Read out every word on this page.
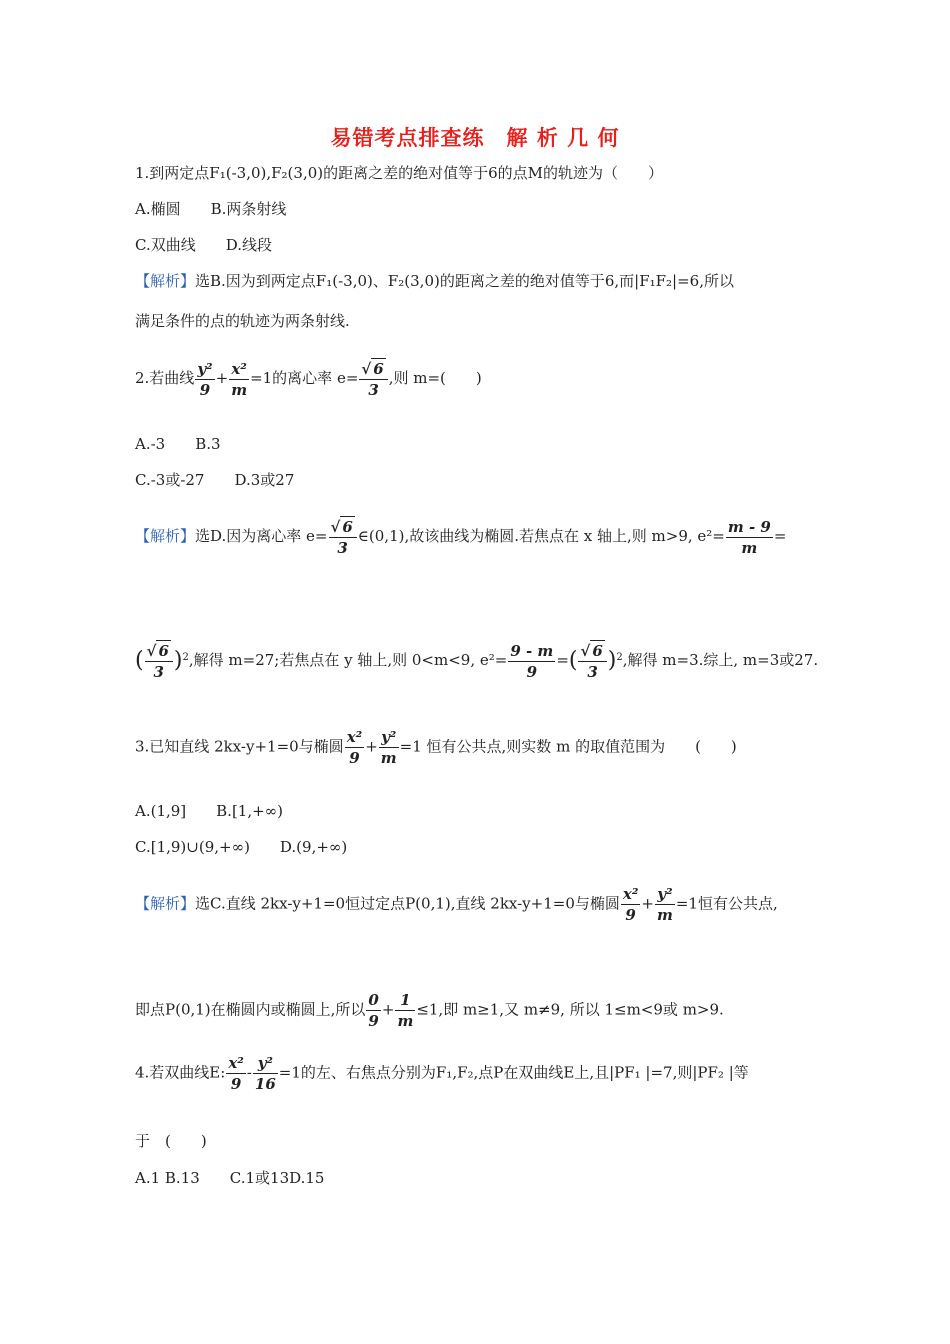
易错考点排查练　解 析 几 何
1.到两定点F₁(-3,0),F₂(3,0)的距离之差的绝对值等于6的点M的轨迹为（　　）
A.椭圆　　B.两条射线
C.双曲线　　D.线段
【解析】选B.因为到两定点F₁(-3,0)、F₂(3,0)的距离之差的绝对值等于6,而|F₁F₂|=6,所以
满足条件的点的轨迹为两条射线.
2.若曲线 $\frac{\text{y²}}{9} + \frac{\text{x²}}{m} =1$的离心率 $e= \frac{√ 6}{3}$ ,则 m=(　　)
A.-3　　B.3
C.-3或-27　　D.3或27
【解析】选D.因为离心率 $e= \frac{√ 6}{3}$ ∈(0,1),故该曲线为椭圆.若焦点在 x 轴上,则 m>9, $e^2= \frac{m - 9}{m}$ =
( $\frac{√ 6}{3} )^2$,解得 m=27;若焦点在 y 轴上,则 0<m<9, $e^2= \frac{9 - m}{9}$ =( $\frac{√ 6}{3} )^2$,解得 m=3.综上, m=3或27.
3.已知直线 2kx-y+1=0与椭圆 $\frac{\text{x²}}{9} + \frac{\text{y²}}{m} =1$ 恒有公共点,则实数 m 的取值范围为　　(　　)
A.(1,9]　　B.[1,+∞)
C.[1,9)∪(9,+∞)　　D.(9,+∞)
【解析】选C.直线 2kx-y+1=0恒过定点P(0,1),直线 2kx-y+1=0与椭圆 $\frac{\text{x²}}{9} + \frac{\text{y²}}{m} =1$恒有公共点,
即点P(0,1)在椭圆内或椭圆上,所以 $\frac{0}{9} + \frac{1}{m} \le 1$,即 m≥1,又 m≠9, 所以 1≤m<9或 m>9.
4.若双曲线E: $\frac{\text{x²}}{9} - \frac{\text{y²}}{16} =1$的左、右焦点分别为F₁,F₂,点P在双曲线E上,且|PF₁ |=7,则|PF₂ |等
于　(　　)
A.1 B.13　　C.1或13D.15
